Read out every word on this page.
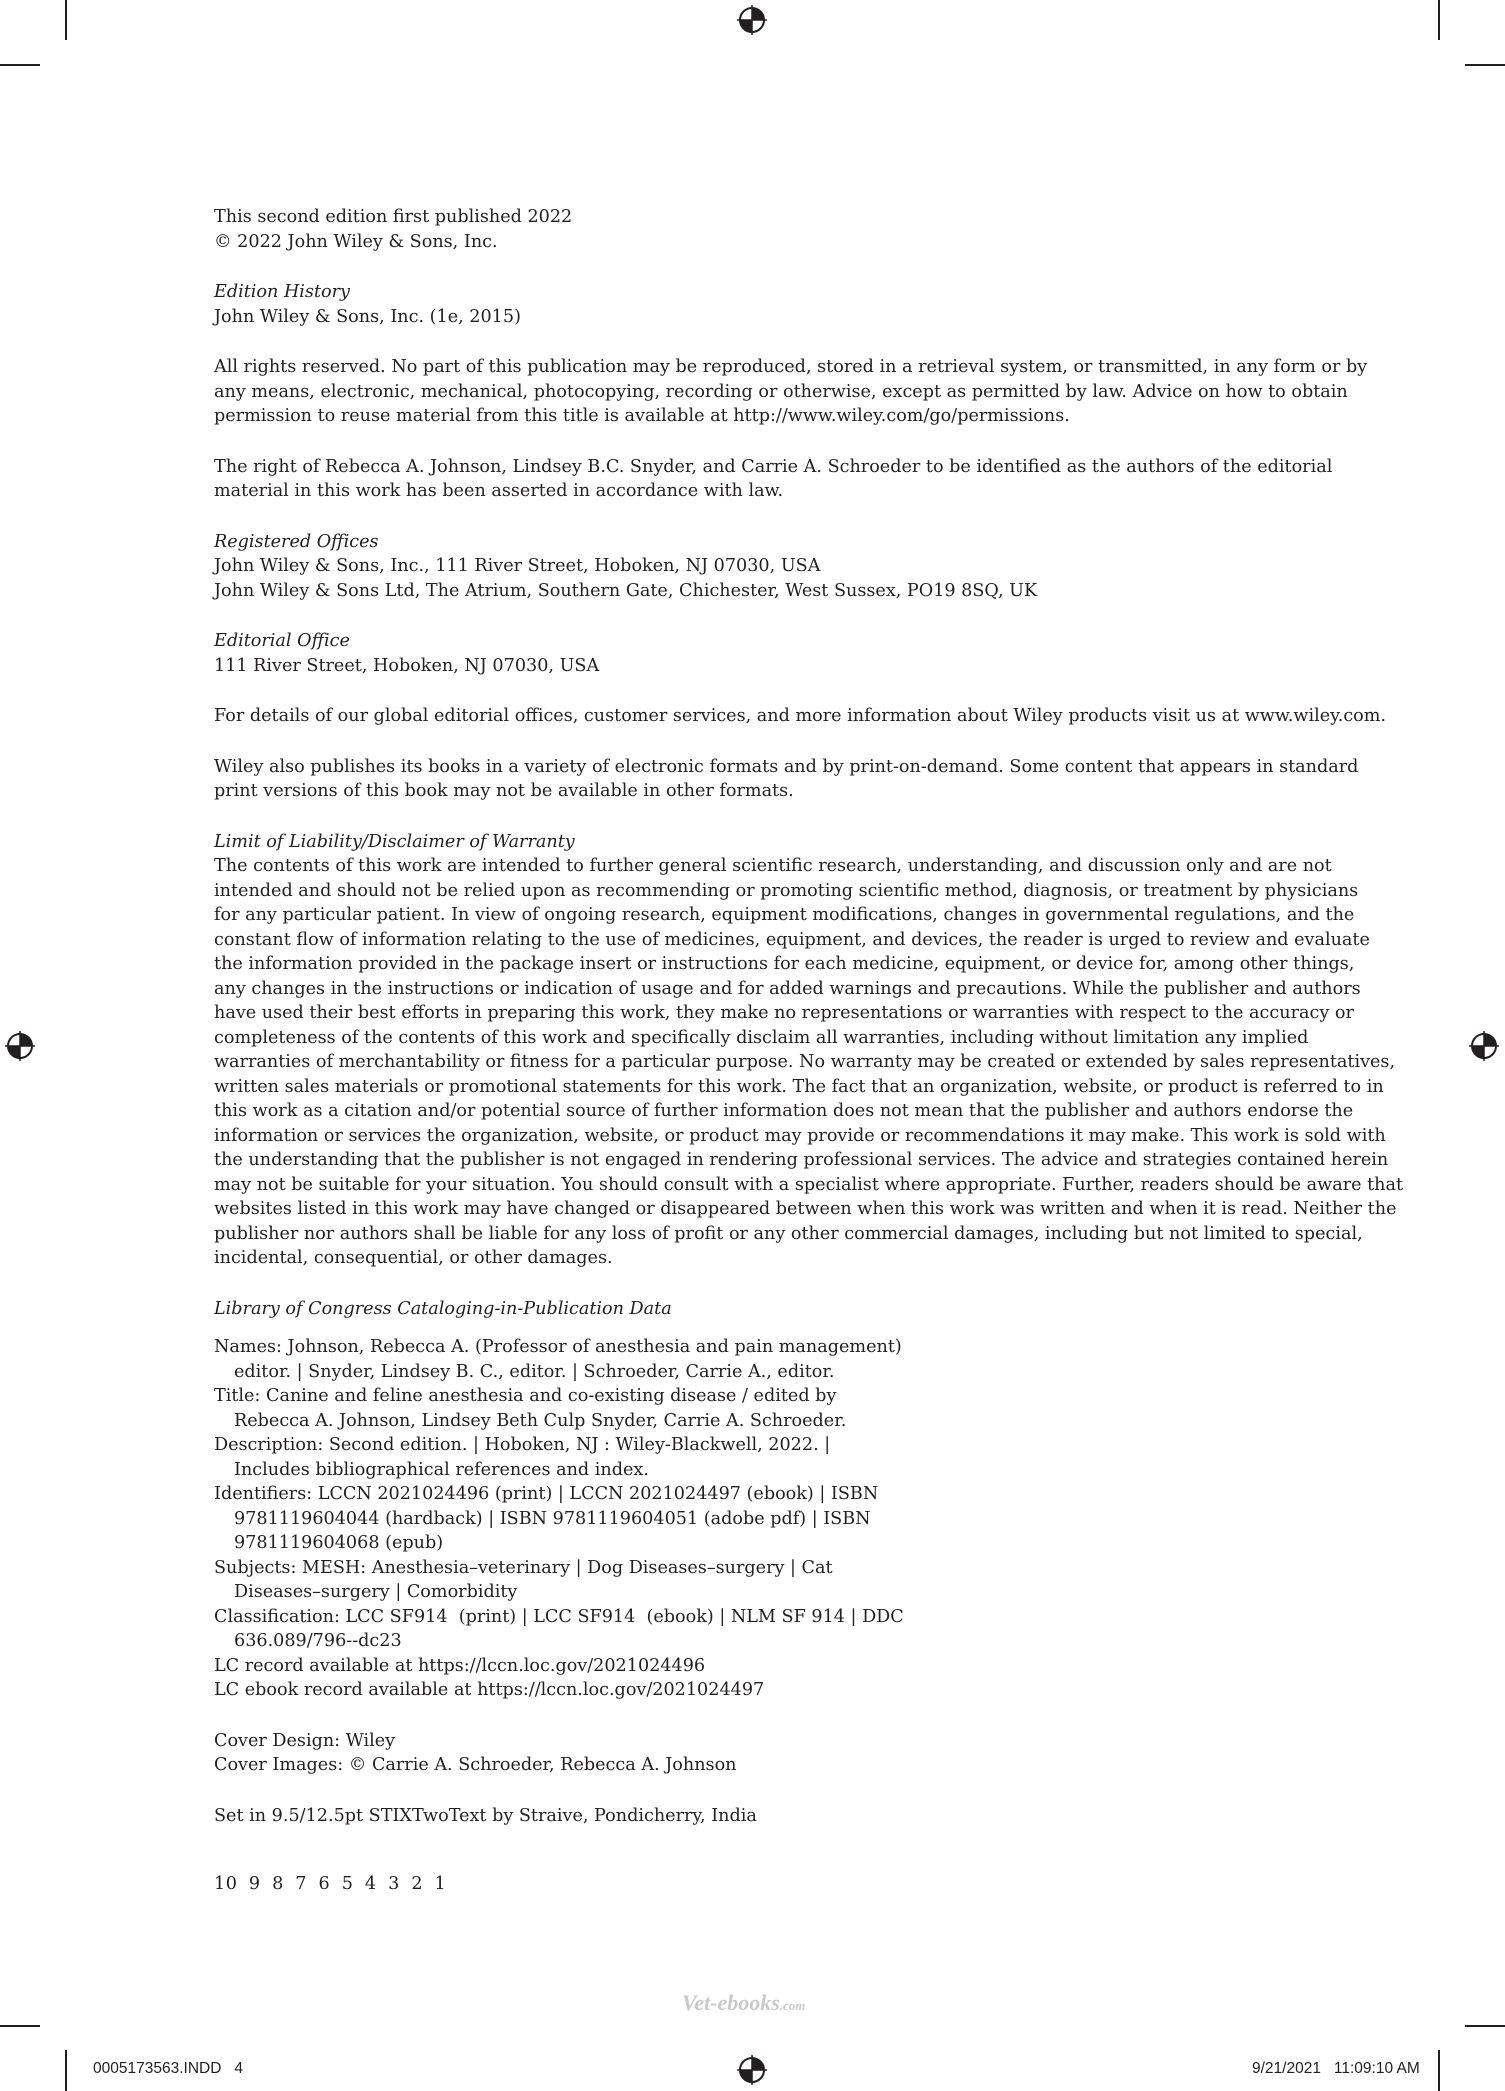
This second edition first published 2022
© 2022 John Wiley & Sons, Inc.

Edition History
John Wiley & Sons, Inc. (1e, 2015)

All rights reserved. No part of this publication may be reproduced, stored in a retrieval system, or transmitted, in any form or by
any means, electronic, mechanical, photocopying, recording or otherwise, except as permitted by law. Advice on how to obtain
permission to reuse material from this title is available at http://www.wiley.com/go/permissions.

The right of Rebecca A. Johnson, Lindsey B.C. Snyder, and Carrie A. Schroeder to be identified as the authors of the editorial
material in this work has been asserted in accordance with law.

Registered Offices
John Wiley & Sons, Inc., 111 River Street, Hoboken, NJ 07030, USA
John Wiley & Sons Ltd, The Atrium, Southern Gate, Chichester, West Sussex, PO19 8SQ, UK

Editorial Office
111 River Street, Hoboken, NJ 07030, USA

For details of our global editorial offices, customer services, and more information about Wiley products visit us at www.wiley.com.

Wiley also publishes its books in a variety of electronic formats and by print-on-demand. Some content that appears in standard
print versions of this book may not be available in other formats.

Limit of Liability/Disclaimer of Warranty
The contents of this work are intended to further general scientific research, understanding, and discussion only and are not
intended and should not be relied upon as recommending or promoting scientific method, diagnosis, or treatment by physicians
for any particular patient. In view of ongoing research, equipment modifications, changes in governmental regulations, and the
constant flow of information relating to the use of medicines, equipment, and devices, the reader is urged to review and evaluate
the information provided in the package insert or instructions for each medicine, equipment, or device for, among other things,
any changes in the instructions or indication of usage and for added warnings and precautions. While the publisher and authors
have used their best efforts in preparing this work, they make no representations or warranties with respect to the accuracy or
completeness of the contents of this work and specifically disclaim all warranties, including without limitation any implied
warranties of merchantability or fitness for a particular purpose. No warranty may be created or extended by sales representatives,
written sales materials or promotional statements for this work. The fact that an organization, website, or product is referred to in
this work as a citation and/or potential source of further information does not mean that the publisher and authors endorse the
information or services the organization, website, or product may provide or recommendations it may make. This work is sold with
the understanding that the publisher is not engaged in rendering professional services. The advice and strategies contained herein
may not be suitable for your situation. You should consult with a specialist where appropriate. Further, readers should be aware that
websites listed in this work may have changed or disappeared between when this work was written and when it is read. Neither the
publisher nor authors shall be liable for any loss of profit or any other commercial damages, including but not limited to special,
incidental, consequential, or other damages.

Library of Congress Cataloging-in-Publication Data

Names: Johnson, Rebecca A. (Professor of anesthesia and pain management)
editor. | Snyder, Lindsey B. C., editor. | Schroeder, Carrie A., editor.
Title: Canine and feline anesthesia and co-existing disease / edited by
Rebecca A. Johnson, Lindsey Beth Culp Snyder, Carrie A. Schroeder.
Description: Second edition. | Hoboken, NJ : Wiley-Blackwell, 2022. |
Includes bibliographical references and index.
Identifiers: LCCN 2021024496 (print) | LCCN 2021024497 (ebook) | ISBN
9781119604044 (hardback) | ISBN 9781119604051 (adobe pdf) | ISBN
9781119604068 (epub)
Subjects: MESH: Anesthesia–veterinary | Dog Diseases–surgery | Cat
Diseases–surgery | Comorbidity
Classification: LCC SF914  (print) | LCC SF914  (ebook) | NLM SF 914 | DDC
636.089/796--dc23
LC record available at https://lccn.loc.gov/2021024496
LC ebook record available at https://lccn.loc.gov/2021024497

Cover Design: Wiley
Cover Images: © Carrie A. Schroeder, Rebecca A. Johnson

Set in 9.5/12.5pt STIXTwoText by Straive, Pondicherry, India

10 9 8 7 6 5 4 3 2 1
Vet-ebooks.com
0005173563.INDD   4	9/21/2021   11:09:10 AM
